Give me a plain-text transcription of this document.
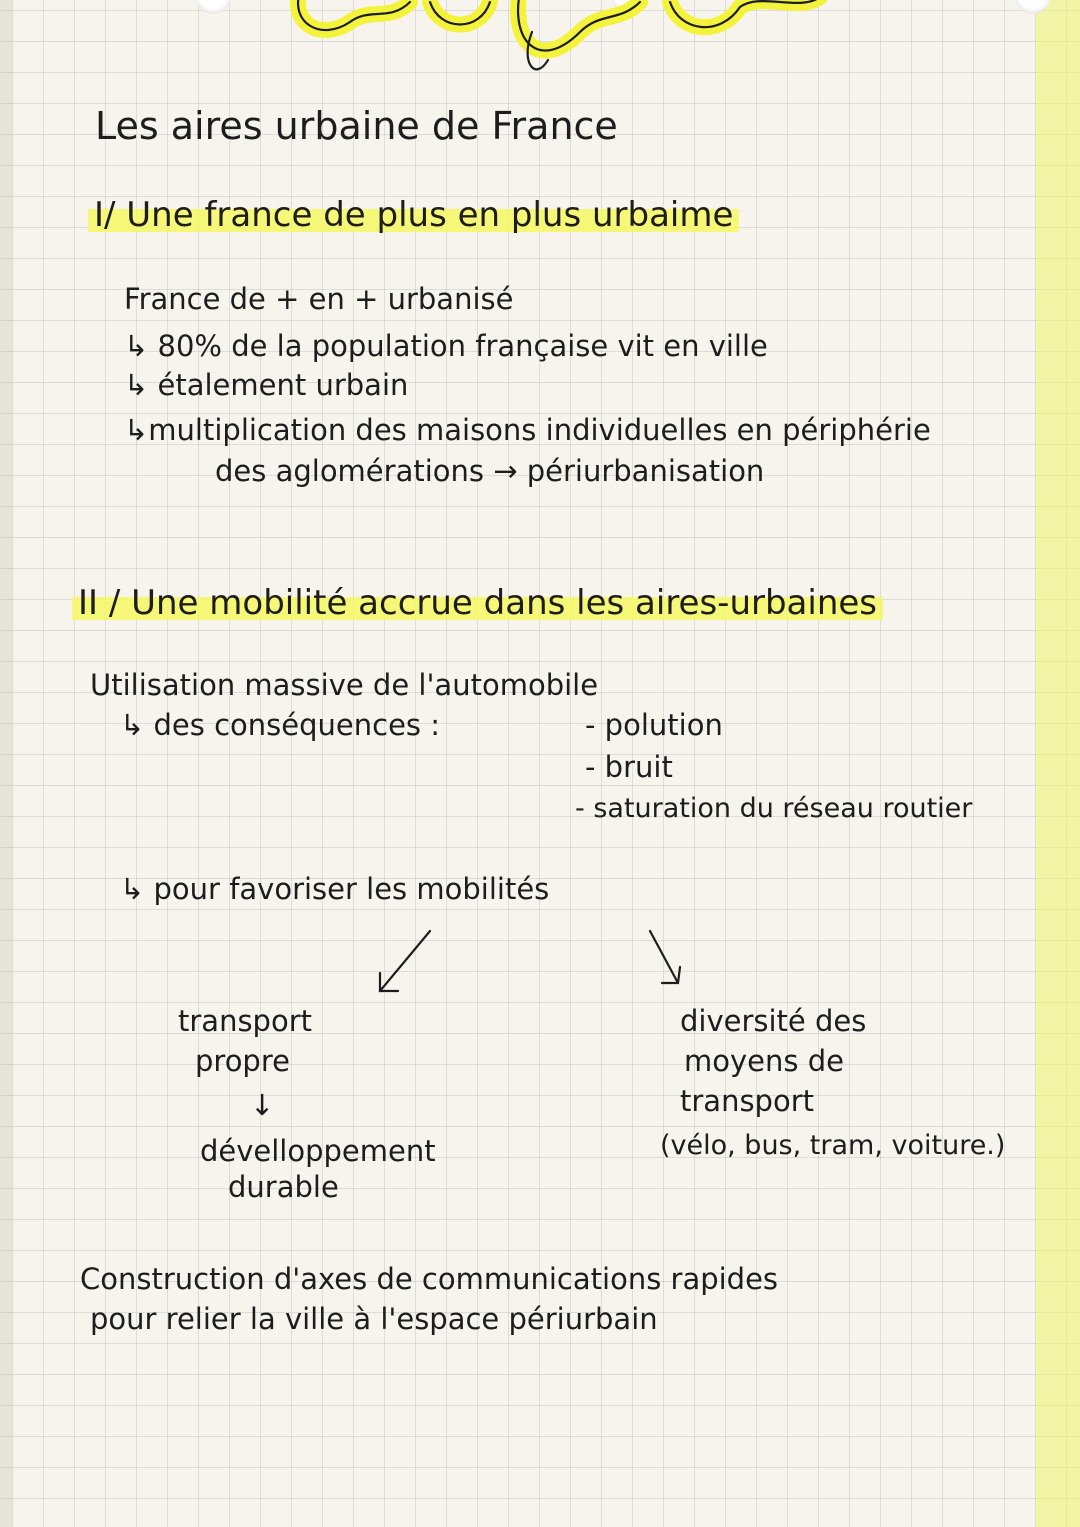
Les aires urbaine de France
I/ Une france de plus en plus urbaime
France de + en + urbanisé
↳ 80% de la population française vit en ville
↳ étalement urbain
↳multiplication des maisons individuelles en périphérie
des aglomérations → périurbanisation
II / Une mobilité accrue dans les aires-urbaines
Utilisation massive de l'automobile
↳ des conséquences :	- polution
- bruit
- saturation du réseau routier
↳ pour favoriser les mobilités
transport
propre
↓
dévelloppement
durable
diversité des
moyens de
transport
(vélo, bus, tram, voiture.)
Construction d'axes de communications rapides
pour relier la ville à l'espace périurbain
